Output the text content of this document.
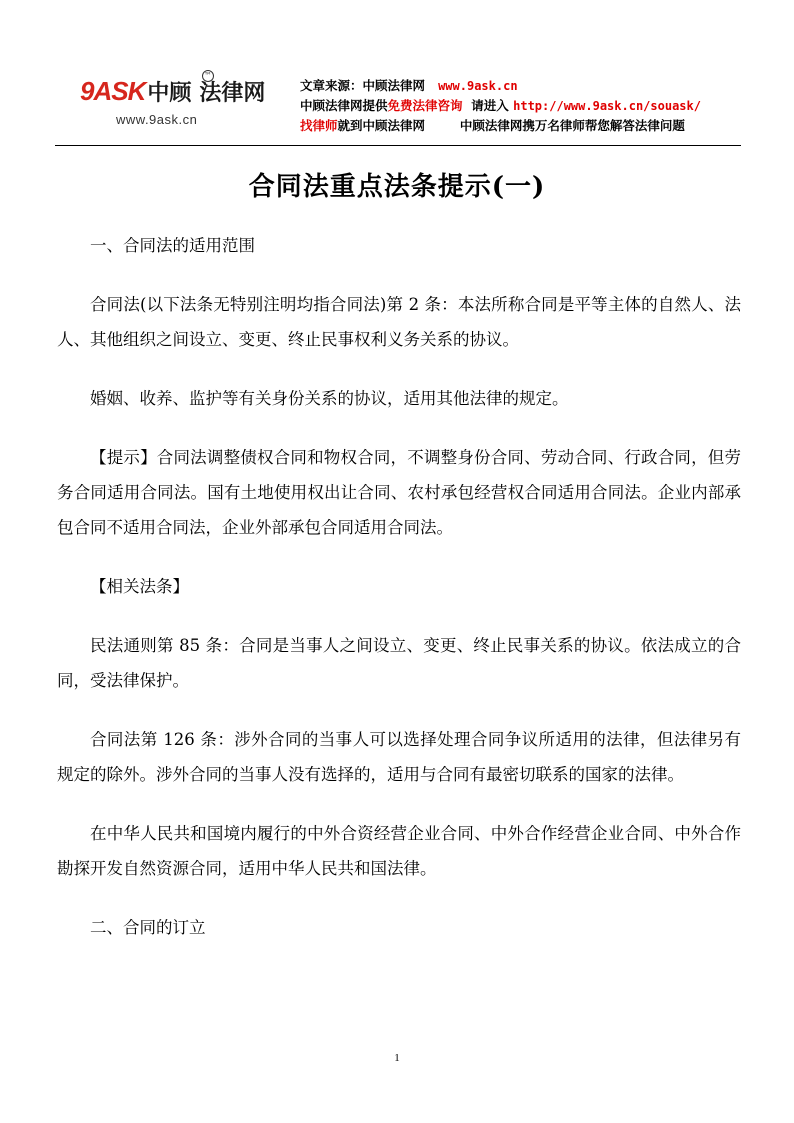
9ASK中顾 法律网
™
www.9ask.cn
文章来源：中顾法律网 www.9ask.cn
中顾法律网提供免费法律咨询 请进入 http://www.9ask.cn/souask/
找律师就到中顾法律网	中顾法律网携万名律师帮您解答法律问题
合同法重点法条提示(一)

一、合同法的适用范围

合同法(以下法条无特别注明均指合同法)第 2 条：本法所称合同是平等主体的自然人、法人、其他组织之间设立、变更、终止民事权利义务关系的协议。

婚姻、收养、监护等有关身份关系的协议，适用其他法律的规定。

【提示】合同法调整债权合同和物权合同，不调整身份合同、劳动合同、行政合同，但劳务合同适用合同法。国有土地使用权出让合同、农村承包经营权合同适用合同法。企业内部承包合同不适用合同法，企业外部承包合同适用合同法。

【相关法条】

民法通则第 85 条：合同是当事人之间设立、变更、终止民事关系的协议。依法成立的合同，受法律保护。

合同法第 126 条：涉外合同的当事人可以选择处理合同争议所适用的法律，但法律另有规定的除外。涉外合同的当事人没有选择的，适用与合同有最密切联系的国家的法律。

在中华人民共和国境内履行的中外合资经营企业合同、中外合作经营企业合同、中外合作勘探开发自然资源合同，适用中华人民共和国法律。

二、合同的订立

1
